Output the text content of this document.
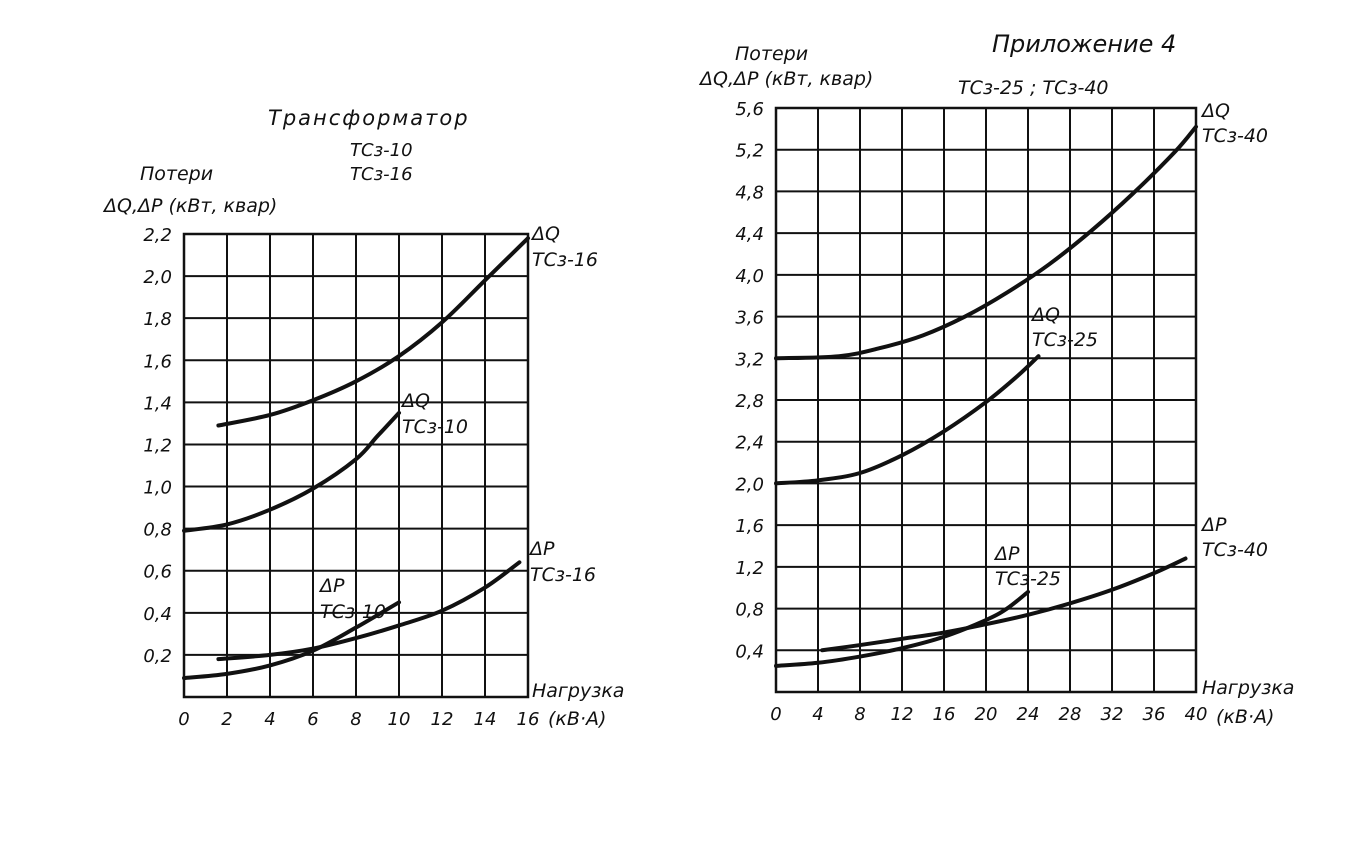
Приложение 4
ТСз-25 ; ТСз-40
Трансформатор
ТСз-10
ТСз-16
Потери
ΔQ,ΔP (кВт, квар)
Нагрузка
(кВ·А)
Потери
ΔQ,ΔP (кВт, квар)
Нагрузка
(кВ·А)
0 2 4 6 8 10 12 14 16
0,2
0,4
0,6
0,8
1,0
1,2
1,4
1,6
1,8
2,0
2,2	ΔQ
ТСз-16
ΔQ
ТСз-10
ΔP
ТСз-16
ΔP
ТСз-10
0 4 8 12 16 20 24 28 32 36 40
0,4
0,8
1,2
1,6
2,0
2,4
2,8
3,2
3,6
4,0
4,4
4,8
5,2
5,6	ΔQ
ТСз-40
ΔQ
ТСз-25
ΔP
ТСз-40
ΔP
ТСз-25
